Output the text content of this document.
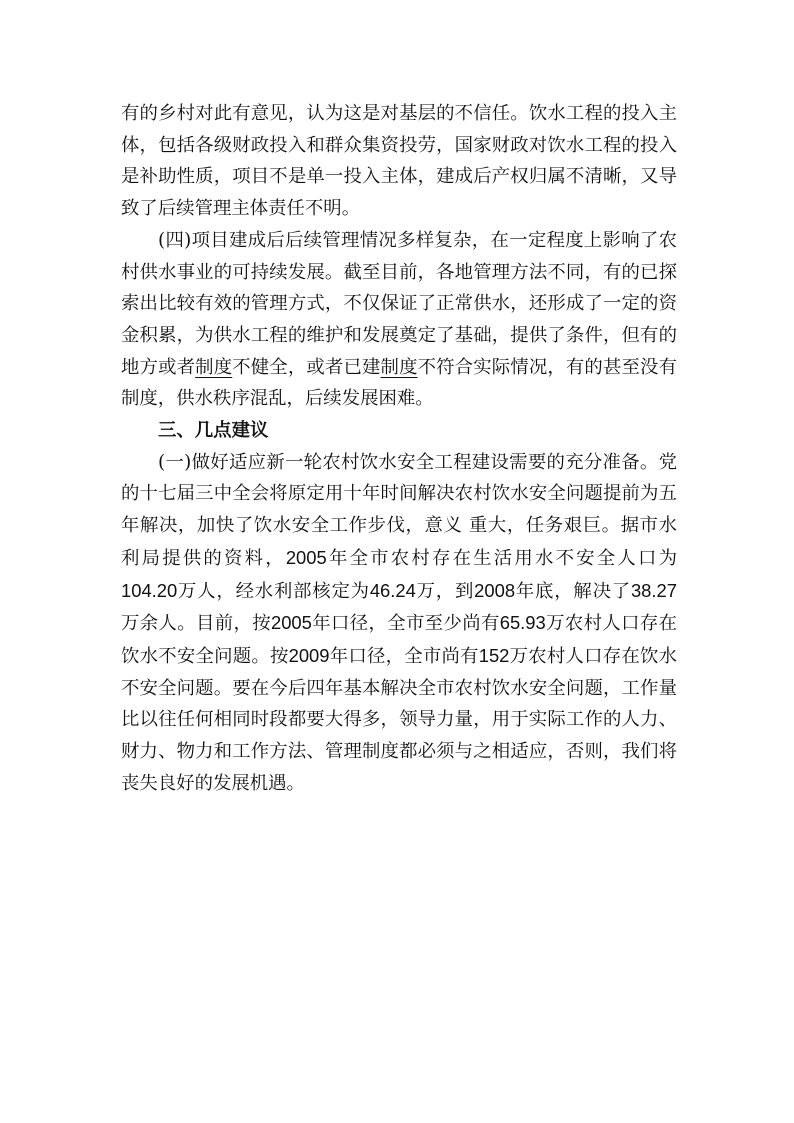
有的乡村对此有意见，认为这是对基层的不信任。饮水工程的投入主体，包括各级财政投入和群众集资投劳，国家财政对饮水工程的投入是补助性质，项目不是单一投入主体，建成后产权归属不清晰，又导致了后续管理主体责任不明。

(四)项目建成后后续管理情况多样复杂，在一定程度上影响了农村供水事业的可持续发展。截至目前，各地管理方法不同，有的已探索出比较有效的管理方式，不仅保证了正常供水，还形成了一定的资金积累，为供水工程的维护和发展奠定了基础，提供了条件，但有的地方或者制度不健全，或者已建制度不符合实际情况，有的甚至没有制度，供水秩序混乱，后续发展困难。

三、几点建议

(一)做好适应新一轮农村饮水安全工程建设需要的充分准备。党的十七届三中全会将原定用十年时间解决农村饮水安全问题提前为五年解决，加快了饮水安全工作步伐，意义 重大，任务艰巨。据市水利局提供的资料，2005年全市农村存在生活用水不安全人口为104.20万人，经水利部核定为46.24万，到2008年底，解决了38.27万余人。目前，按2005年口径，全市至少尚有65.93万农村人口存在饮水不安全问题。按2009年口径，全市尚有152万农村人口存在饮水不安全问题。要在今后四年基本解决全市农村饮水安全问题，工作量比以往任何相同时段都要大得多，领导力量，用于实际工作的人力、财力、物力和工作方法、管理制度都必须与之相适应，否则，我们将丧失良好的发展机遇。
